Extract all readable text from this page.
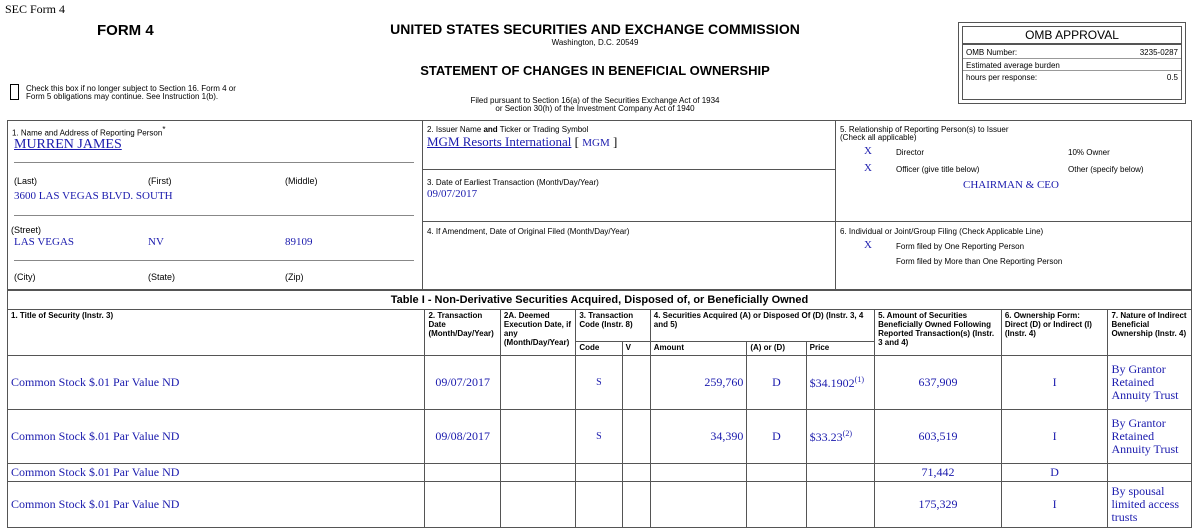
SEC Form 4
FORM 4	UNITED STATES SECURITIES AND EXCHANGE COMMISSION
Washington, D.C. 20549
STATEMENT OF CHANGES IN BENEFICIAL OWNERSHIP
Filed pursuant to Section 16(a) of the Securities Exchange Act of 1934
or Section 30(h) of the Investment Company Act of 1940
Check this box if no longer subject to Section 16. Form 4 or
Form 5 obligations may continue. See Instruction 1(b).
OMB APPROVAL
OMB Number:	3235-0287
Estimated average burden
hours per response:	0.5
1. Name and Address of Reporting Person*
MURREN JAMES
(Last)	(First)	(Middle)
3600 LAS VEGAS BLVD. SOUTH
(Street)
LAS VEGAS	NV	89109
(City)	(State)	(Zip)
2. Issuer Name and Ticker or Trading Symbol
MGM Resorts International [ MGM ]
3. Date of Earliest Transaction (Month/Day/Year)
09/07/2017
4. If Amendment, Date of Original Filed (Month/Day/Year)
5. Relationship of Reporting Person(s) to Issuer
(Check all applicable)
X	Director	10% Owner
X	Officer (give title below)	Other (specify below)
CHAIRMAN & CEO
6. Individual or Joint/Group Filing (Check Applicable Line)
X	Form filed by One Reporting Person
Form filed by More than One Reporting Person
Table I - Non-Derivative Securities Acquired, Disposed of, or Beneficially Owned
1. Title of Security (Instr. 3)	2. Transaction Date (Month/Day/Year)	2A. Deemed Execution Date, if any (Month/Day/Year)	3. Transaction Code (Instr. 8)		4. Securities Acquired (A) or Disposed Of (D) (Instr. 3, 4 and 5)			5. Amount of Securities Beneficially Owned Following Reported Transaction(s) (Instr. 3 and 4)	6. Ownership Form: Direct (D) or Indirect (I) (Instr. 4)	7. Nature of Indirect Beneficial Ownership (Instr. 4)
			Code	V	Amount	(A) or (D)	Price			
Common Stock $.01 Par Value ND	09/07/2017		S		259,760	D	$34.1902$^{(1)}$	637,909	I	By Grantor Retained Annuity Trust
Common Stock $.01 Par Value ND	09/08/2017		S		34,390	D	$33.23$^{(2)}$	603,519	I	By Grantor Retained Annuity Trust
Common Stock $.01 Par Value ND								71,442	D	
Common Stock $.01 Par Value ND								175,329	I	By spousal limited access trusts
